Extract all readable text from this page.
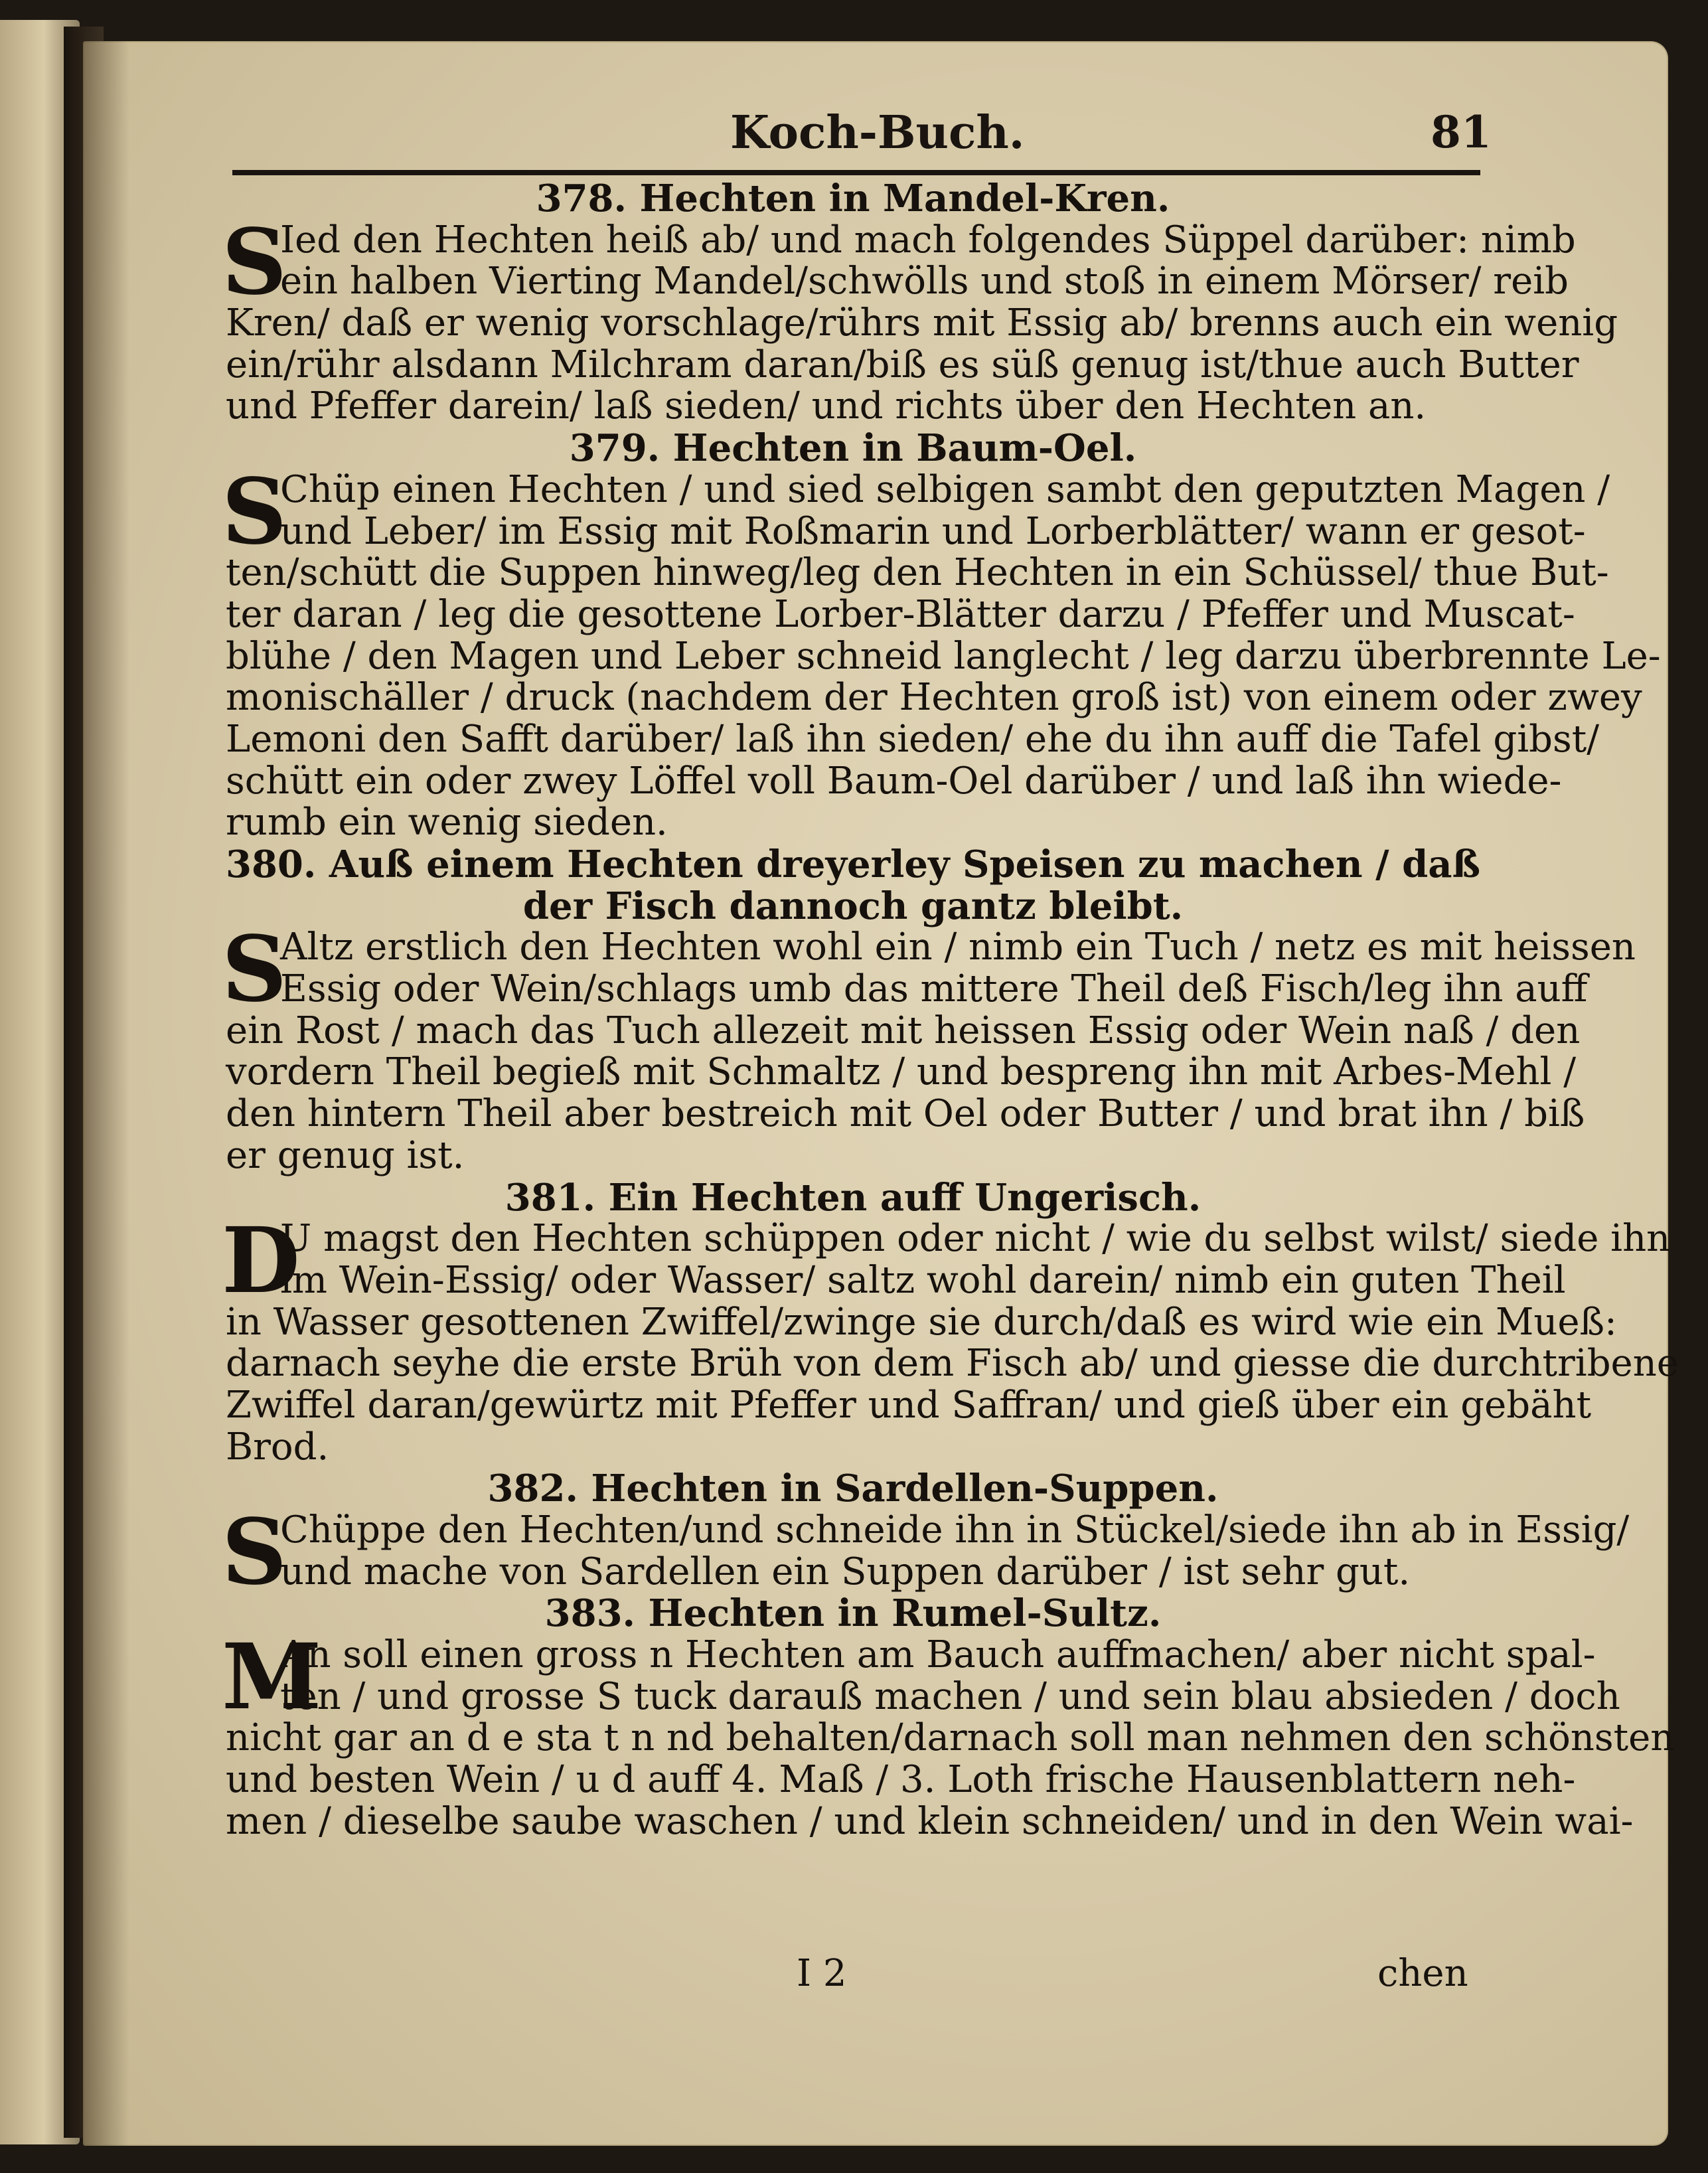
Koch-Buch.	81
378. Hechten in Mandel-Kren.
S
Ied den Hechten heiß ab/ und mach folgendes Süppel darüber: nimb
ein halben Vierting Mandel/schwölls und stoß in einem Mörser/ reib
Kren/ daß er wenig vorschlage/rührs mit Essig ab/ brenns auch ein wenig
ein/rühr alsdann Milchram daran/biß es süß genug ist/thue auch Butter
und Pfeffer darein/ laß sieden/ und richts über den Hechten an.
379. Hechten in Baum-Oel.
S
Chüp einen Hechten / und sied selbigen sambt den geputzten Magen /
und Leber/ im Essig mit Roßmarin und Lorberblätter/ wann er gesot-
ten/schütt die Suppen hinweg/leg den Hechten in ein Schüssel/ thue But-
ter daran / leg die gesottene Lorber-Blätter darzu / Pfeffer und Muscat-
blühe / den Magen und Leber schneid langlecht / leg darzu überbrennte Le-
monischäller / druck (nachdem der Hechten groß ist) von einem oder zwey
Lemoni den Safft darüber/ laß ihn sieden/ ehe du ihn auff die Tafel gibst/
schütt ein oder zwey Löffel voll Baum-Oel darüber / und laß ihn wiede-
rumb ein wenig sieden.
380. Auß einem Hechten dreyerley Speisen zu machen / daß
der Fisch dannoch gantz bleibt.
S
Altz erstlich den Hechten wohl ein / nimb ein Tuch / netz es mit heissen
Essig oder Wein/schlags umb das mittere Theil deß Fisch/leg ihn auff
ein Rost / mach das Tuch allezeit mit heissen Essig oder Wein naß / den
vordern Theil begieß mit Schmaltz / und bespreng ihn mit Arbes-Mehl /
den hintern Theil aber bestreich mit Oel oder Butter / und brat ihn / biß
er genug ist.
381. Ein Hechten auff Ungerisch.
D
U magst den Hechten schüppen oder nicht / wie du selbst wilst/ siede ihn
im Wein-Essig/ oder Wasser/ saltz wohl darein/ nimb ein guten Theil
in Wasser gesottenen Zwiffel/zwinge sie durch/daß es wird wie ein Mueß:
darnach seyhe die erste Brüh von dem Fisch ab/ und giesse die durchtribene
Zwiffel daran/gewürtz mit Pfeffer und Saffran/ und gieß über ein gebäht
Brod.
382. Hechten in Sardellen-Suppen.
S
Chüppe den Hechten/und schneide ihn in Stückel/siede ihn ab in Essig/
und mache von Sardellen ein Suppen darüber / ist sehr gut.
383. Hechten in Rumel-Sultz.
M
An soll einen gross n Hechten am Bauch auffmachen/ aber nicht spal-
ten / und grosse S tuck darauß machen / und sein blau absieden / doch
nicht gar an d e sta t n nd behalten/darnach soll man nehmen den schönsten
und besten Wein / u d auff 4. Maß / 3. Loth frische Hausenblattern neh-
men / dieselbe saube waschen / und klein schneiden/ und in den Wein wai-
I 2	chen
